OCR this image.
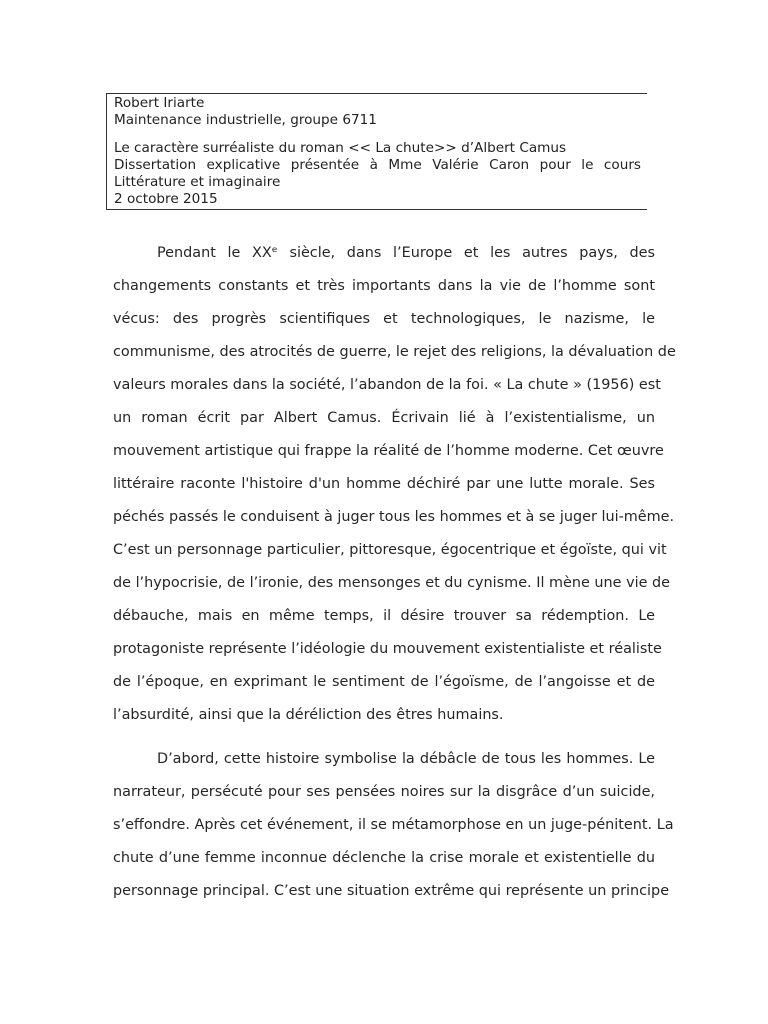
Robert Iriarte
Maintenance industrielle, groupe 6711
Le caractère surréaliste du roman << La chute>> d’Albert Camus
Dissertation explicative présentée à Mme Valérie Caron pour le cours
Littérature et imaginaire
2 octobre 2015
Pendant le XXᵉ siècle, dans l’Europe et les autres pays, des
changements constants et très importants dans la vie de l’homme sont
vécus: des progrès scientifiques et technologiques, le nazisme, le
communisme, des atrocités de guerre, le rejet des religions, la dévaluation de
valeurs morales dans la société, l’abandon de la foi. « La chute » (1956) est
un roman écrit par Albert Camus. Écrivain lié à l’existentialisme, un
mouvement artistique qui frappe la réalité de l’homme moderne. Cet œuvre
littéraire raconte l'histoire d'un homme déchiré par une lutte morale. Ses
péchés passés le conduisent à juger tous les hommes et à se juger lui-même.
C’est un personnage particulier, pittoresque, égocentrique et égoïste, qui vit
de l’hypocrisie, de l’ironie, des mensonges et du cynisme. Il mène une vie de
débauche, mais en même temps, il désire trouver sa rédemption. Le
protagoniste représente l’idéologie du mouvement existentialiste et réaliste
de l’époque, en exprimant le sentiment de l’égoïsme, de l’angoisse et de
l’absurdité, ainsi que la déréliction des êtres humains.
D’abord, cette histoire symbolise la débâcle de tous les hommes. Le
narrateur, persécuté pour ses pensées noires sur la disgrâce d’un suicide,
s’effondre. Après cet événement, il se métamorphose en un juge-pénitent. La
chute d’une femme inconnue déclenche la crise morale et existentielle du
personnage principal. C’est une situation extrême qui représente un principe
